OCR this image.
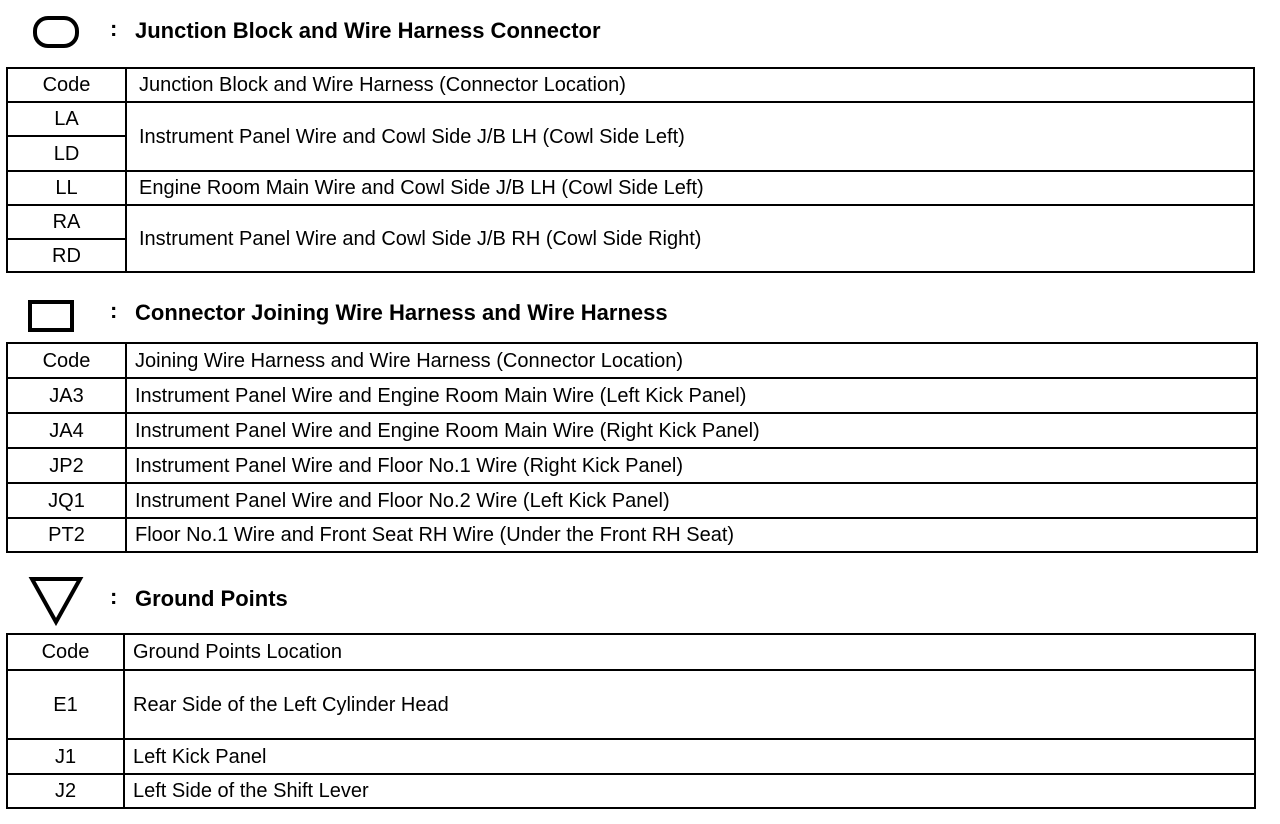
: Junction Block and Wire Harness Connector
Code	Junction Block and Wire Harness (Connector Location)
LA	Instrument Panel Wire and Cowl Side J/B LH (Cowl Side Left)
LD	
LL	Engine Room Main Wire and Cowl Side J/B LH (Cowl Side Left)
RA	Instrument Panel Wire and Cowl Side J/B RH (Cowl Side Right)
RD	
: Connector Joining Wire Harness and Wire Harness
Code	Joining Wire Harness and Wire Harness (Connector Location)
JA3	Instrument Panel Wire and Engine Room Main Wire (Left Kick Panel)
JA4	Instrument Panel Wire and Engine Room Main Wire (Right Kick Panel)
JP2	Instrument Panel Wire and Floor No.1 Wire (Right Kick Panel)
JQ1	Instrument Panel Wire and Floor No.2 Wire (Left Kick Panel)
PT2	Floor No.1 Wire and Front Seat RH Wire (Under the Front RH Seat)
: Ground Points
Code	Ground Points Location
E1	Rear Side of the Left Cylinder Head
J1	Left Kick Panel
J2	Left Side of the Shift Lever
